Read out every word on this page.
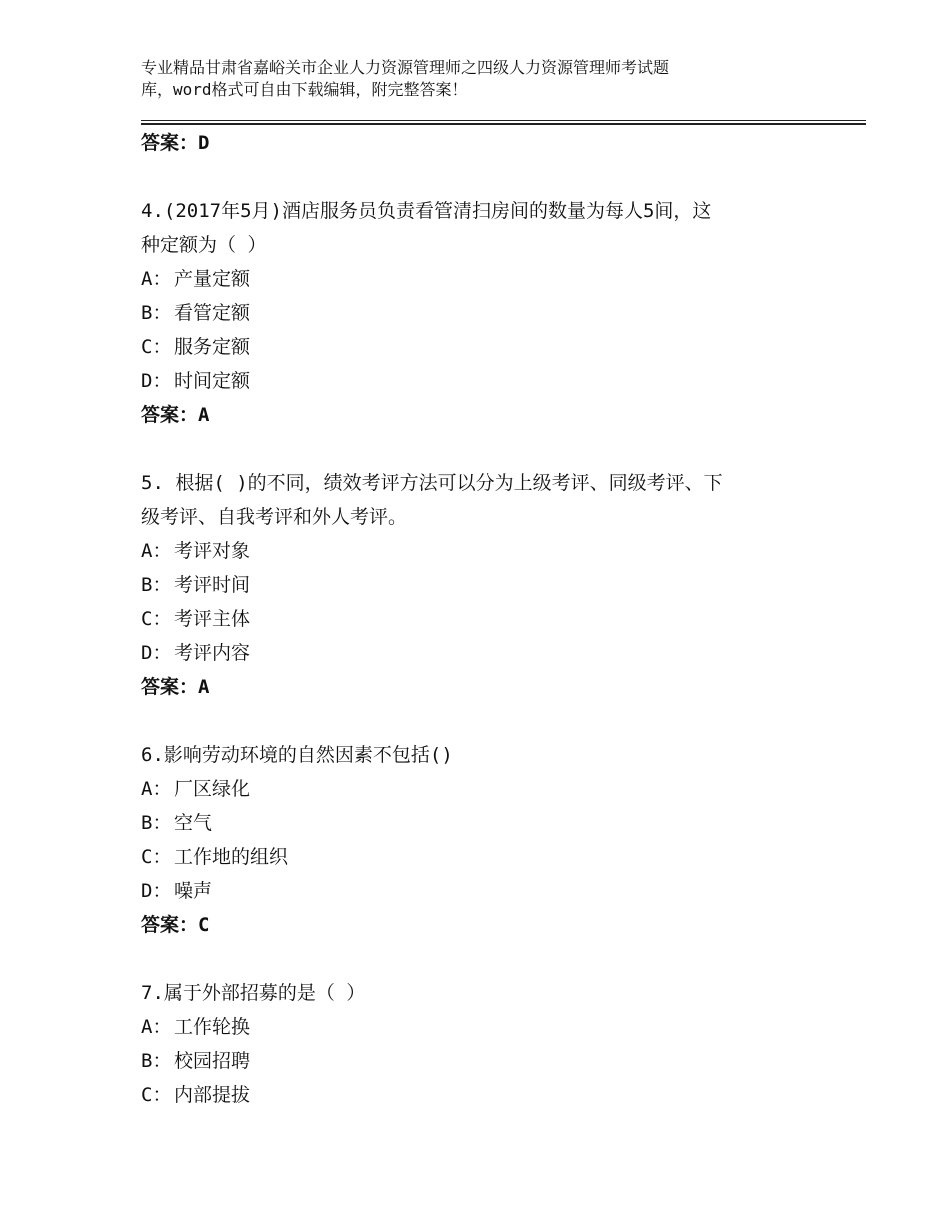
专业精品甘肃省嘉峪关市企业人力资源管理师之四级人力资源管理师考试题
库，word格式可自由下载编辑，附完整答案！
答案：D
4.(2017年5月)酒店服务员负责看管清扫房间的数量为每人5间，这
种定额为（ ）
A： 产量定额
B： 看管定额
C： 服务定额
D： 时间定额
答案：A
5. 根据( )的不同，绩效考评方法可以分为上级考评、同级考评、下
级考评、自我考评和外人考评。
A： 考评对象
B： 考评时间
C： 考评主体
D： 考评内容
答案：A
6.影响劳动环境的自然因素不包括()
A： 厂区绿化
B： 空气
C： 工作地的组织
D： 噪声
答案：C
7.属于外部招募的是（ ）
A： 工作轮换
B： 校园招聘
C： 内部提拔
